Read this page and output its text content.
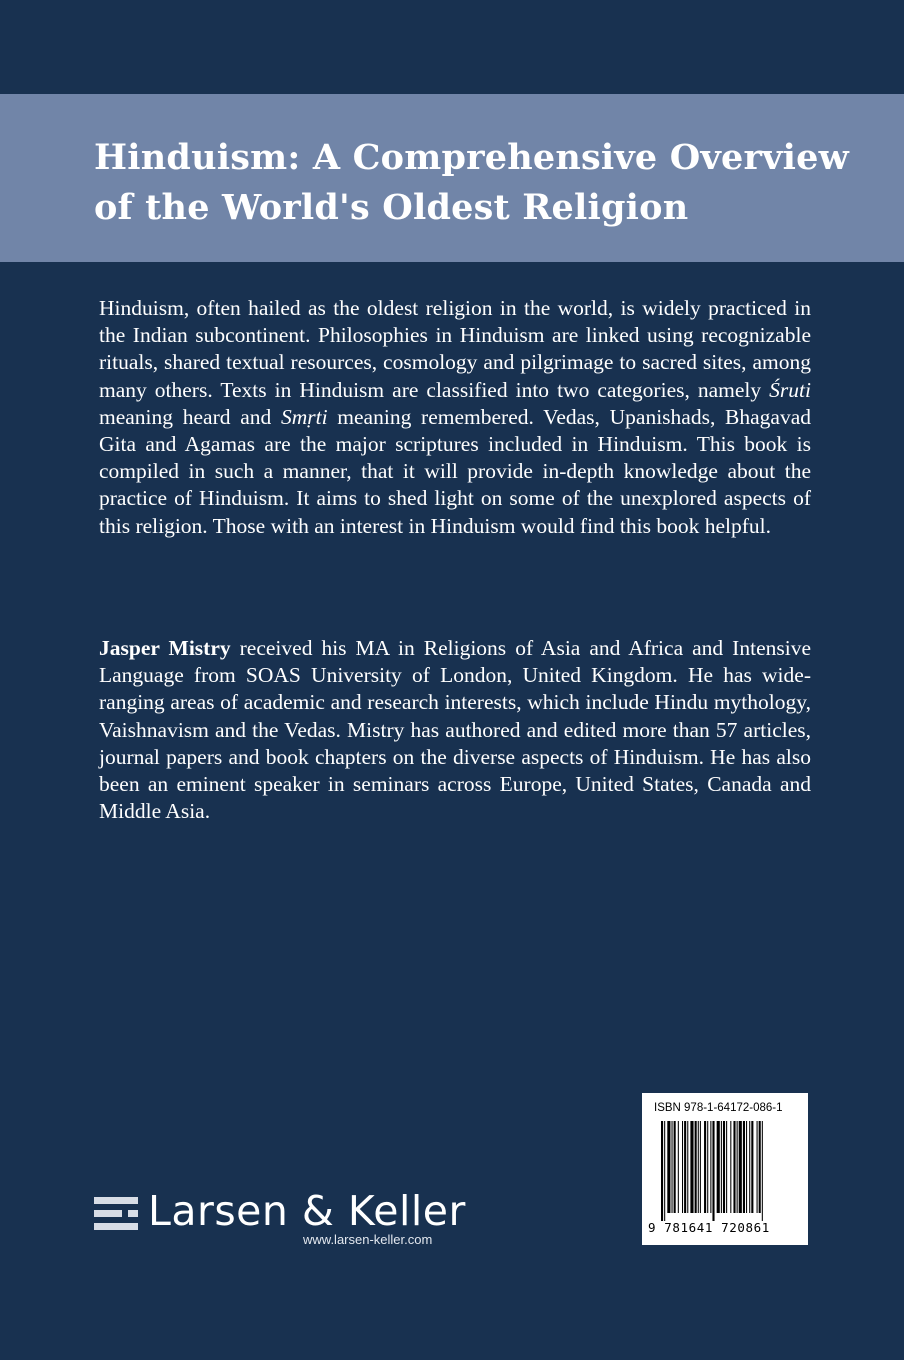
Hinduism: A Comprehensive Overview
of the World's Oldest Religion

Hinduism, often hailed as the oldest religion in the world, is widely practiced in the Indian subcontinent. Philosophies in Hinduism are linked using recognizable rituals, shared textual resources, cosmology and pilgrimage to sacred sites, among many others. Texts in Hinduism are classified into two categories, namely Śruti meaning heard and Smṛti meaning remembered. Vedas, Upanishads, Bhagavad Gita and Agamas are the major scriptures included in Hinduism. This book is compiled in such a manner, that it will provide in-depth knowledge about the practice of Hinduism. It aims to shed light on some of the unexplored aspects of this religion. Those with an interest in Hinduism would find this book helpful.

Jasper Mistry received his MA in Religions of Asia and Africa and Intensive Language from SOAS University of London, United Kingdom. He has wide-ranging areas of academic and research interests, which include Hindu mythology, Vaishnavism and the Vedas. Mistry has authored and edited more than 57 articles, journal papers and book chapters on the diverse aspects of Hinduism. He has also been an eminent speaker in seminars across Europe, United States, Canada and Middle Asia.

Larsen & Keller
www.larsen-keller.com
ISBN 978-1-64172-086-1
9 781641 720861
